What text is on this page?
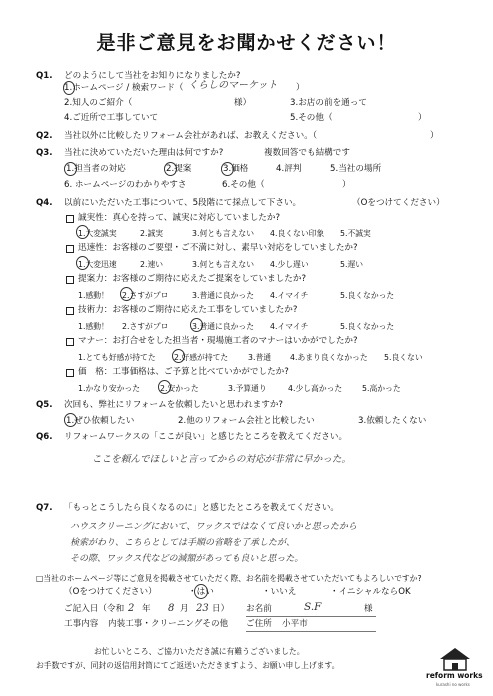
是非ご意見をお聞かせください！
Q1. どのようにして当社をお知りになりましたか?
1.ホームページ / 検索ワード（ くらしのマーケット ）
2.知人のご紹介（	様）	3.お店の前を通って
4.ご近所で工事していて	5.その他（	）
Q2. 当社以外に比較したリフォーム会社があれば、お教えください。（	）
Q3. 当社に決めていただいた理由は何ですか?	複数回答でも結構です
1.担当者の対応	2.提案	3.価格	4.評判	5.当社の場所
6. ホームページのわかりやすさ	6.その他（	）
Q4. 以前にいただいた工事について、5段階にて採点して下さい。	（Oをつけてください）
誠実性：真心を持って、誠実に対応していましたか?
1.大変誠実	2.誠実	3.何とも言えない 4.良くない印象 5.不誠実
迅速性：お客様のご要望・ご不満に対し、素早い対応をしていましたか?
1.大変迅速	2.速い	3.何とも言えない 4.少し遅い	5.遅い
提案力：お客様のご期待に応えたご提案をしていましたか?
1.感動！ 2.さすがプロ	3.普通に良かった 4.イマイチ	5.良くなかった
技術力：お客様のご期待に応えた工事をしていましたか?
1.感動！ 2.さすがプロ	3.普通に良かった 4.イマイチ	5.良くなかった
マナー：お打合せをした担当者・現場施工者のマナーはいかがでしたか?
1.とても好感が持てた 2.好感が持てた	3.普通 4.あまり良くなかった 5.良くない
価　格：工事価格は、ご予算と比べていかがでしたか?
1.かなり安かった	2.安かった	3.予算通り	4.少し高かった	5.高かった
Q5. 次回も、弊社にリフォームを依頼したいと思われますか?
1.ぜひ依頼したい	2.他のリフォーム会社と比較したい	3.依頼したくない
Q6. リフォームワークスの「ここが良い」と感じたところを教えてください。
ここを頼んでほしいと言ってからの対応が非常に早かった。
Q7. 「もっとこうしたら良くなるのに」と感じたところを教えてください。
ハウスクリーニングにおいて、ワックスではなくて良いかと思ったから
検索がわり、こちらとしては手順の省略を了承したが、
その際、ワックス代などの減額があっても良いと思った。
□当社のホームページ等にご意見を掲載させていただく際、お名前を掲載させていただいてもよろしいですか?
（Oをつけてください）	・はい	・いいえ	・イニシャルならOK
ご記入日（令和 2 年 8 月 23 日） お名前	S.F	様
工事内容 内装工事・クリーニングその他 ご住所 小平市
お忙しいところ、ご協力いただき誠に有難うございました。
お手数ですが、同封の返信用封筒にてご返送いただきますよう、お願い申し上げます。
reform works
kurashi no works
